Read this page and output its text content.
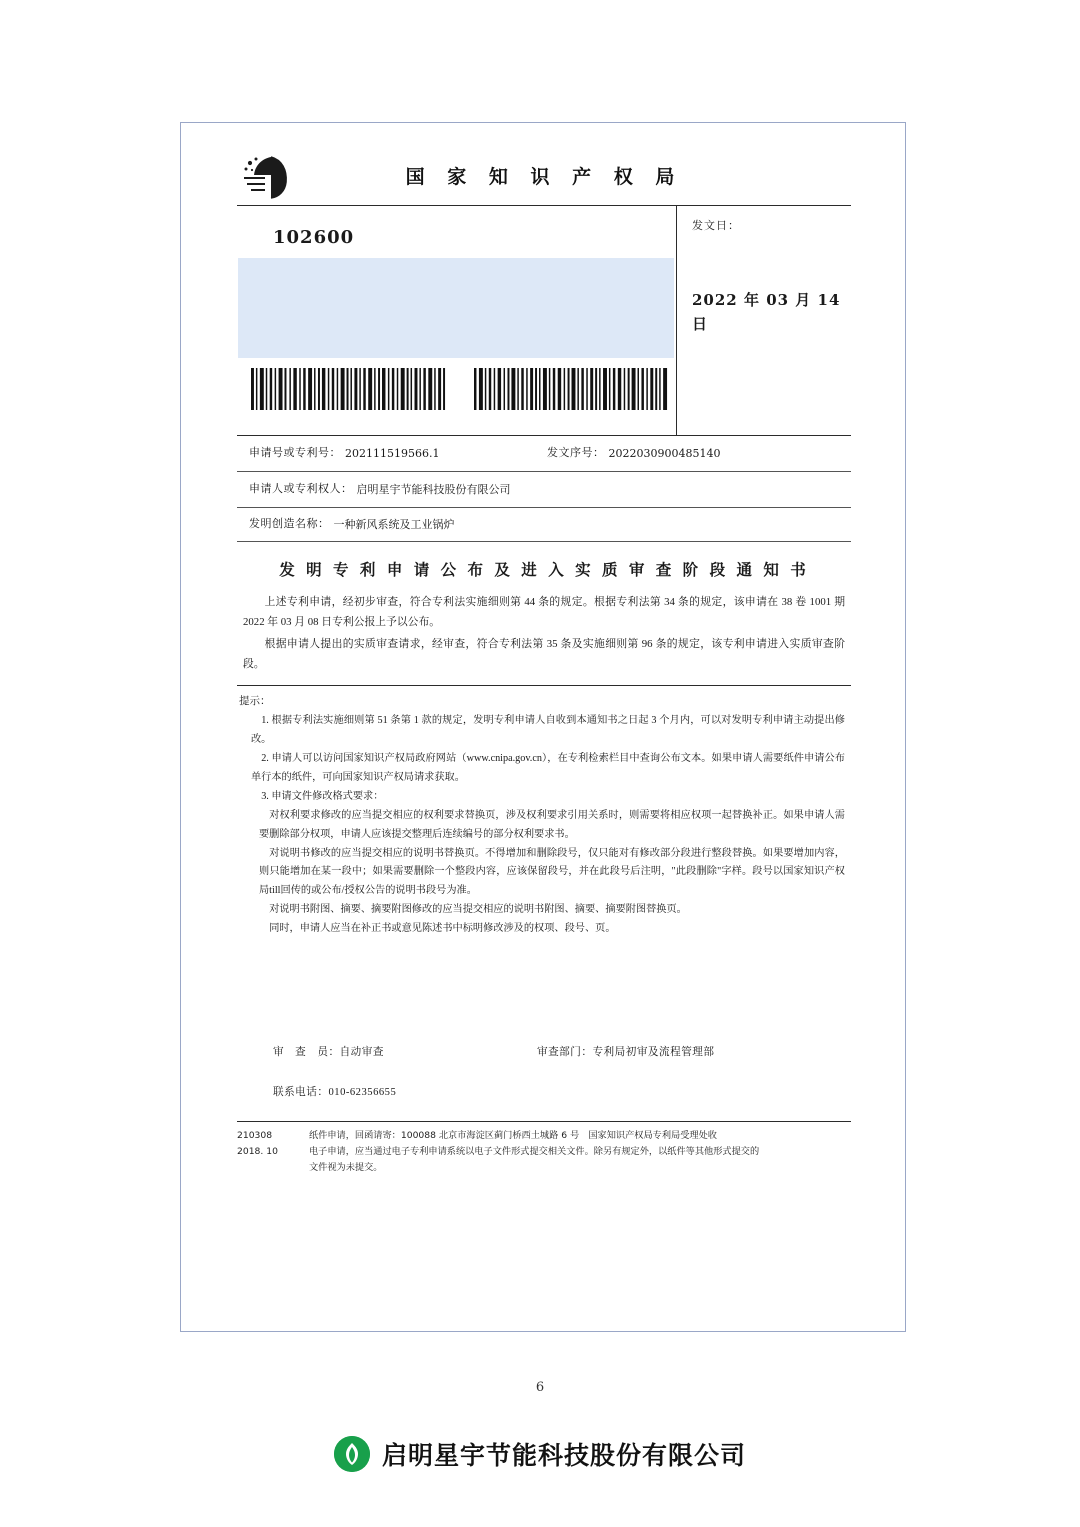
国 家 知 识 产 权 局
102600
发文日：
2022 年 03 月 14 日
申请号或专利号： 202111519566.1	发文序号： 2022030900485140
申请人或专利权人： 启明星宇节能科技股份有限公司
发明创造名称： 一种新风系统及工业锅炉
发 明 专 利 申 请 公 布 及 进 入 实 质 审 查 阶 段 通 知 书
上述专利申请，经初步审查，符合专利法实施细则第 44 条的规定。根据专利法第 34 条的规定，该申请在 38 卷 1001 期 2022 年 03 月 08 日专利公报上予以公布。
根据申请人提出的实质审查请求，经审查，符合专利法第 35 条及实施细则第 96 条的规定，该专利申请进入实质审查阶段。
提示：
1. 根据专利法实施细则第 51 条第 1 款的规定，发明专利申请人自收到本通知书之日起 3 个月内，可以对发明专利申请主动提出修改。
2. 申请人可以访问国家知识产权局政府网站（www.cnipa.gov.cn），在专利检索栏目中查询公布文本。如果申请人需要纸件申请公布单行本的纸件，可向国家知识产权局请求获取。
3. 申请文件修改格式要求：
对权利要求修改的应当提交相应的权利要求替换页，涉及权利要求引用关系时，则需要将相应权项一起替换补正。如果申请人需要删除部分权项，申请人应该提交整理后连续编号的部分权利要求书。
对说明书修改的应当提交相应的说明书替换页。不得增加和删除段号，仅只能对有修改部分段进行整段替换。如果要增加内容，则只能增加在某一段中；如果需要删除一个整段内容，应该保留段号，并在此段号后注明，"此段删除"字样。段号以国家知识产权局till回传的或公布/授权公告的说明书段号为准。
对说明书附图、摘要、摘要附图修改的应当提交相应的说明书附图、摘要、摘要附图替换页。
同时，申请人应当在补正书或意见陈述书中标明修改涉及的权项、段号、页。
审　查　员：自动审查	审查部门：专利局初审及流程管理部
联系电话：010-62356655
210308
2018. 10
纸件申请，回函请寄：100088 北京市海淀区蓟门桥西土城路 6 号　国家知识产权局专利局受理处收
电子申请，应当通过电子专利申请系统以电子文件形式提交相关文件。除另有规定外，以纸件等其他形式提交的
文件视为未提交。
6
启明星宇节能科技股份有限公司
